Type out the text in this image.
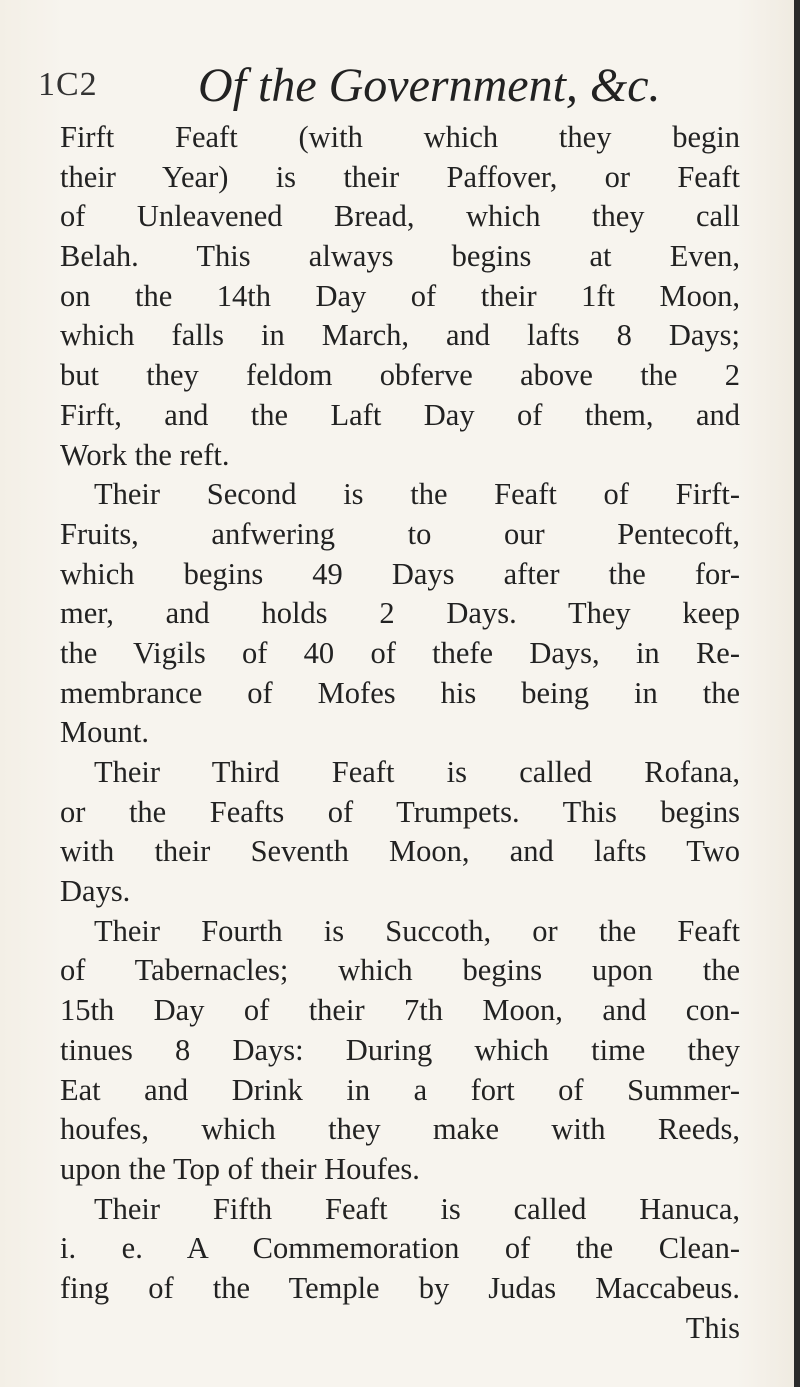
1C2 Of the Government, &c.
Firft Feaft (with which they begin
their Year) is their Paffover, or Feaft
of Unleavened Bread, which they call
Belah. This always begins at Even,
on the 14th Day of their 1ft Moon,
which falls in March, and lafts 8 Days;
but they feldom obferve above the 2
Firft, and the Laft Day of them, and
Work the reft.
Their Second is the Feaft of Firft-
Fruits, anfwering to our Pentecoft,
which begins 49 Days after the for-
mer, and holds 2 Days. They keep
the Vigils of 40 of thefe Days, in Re-
membrance of Mofes his being in the
Mount.
Their Third Feaft is called Rofana,
or the Feafts of Trumpets. This begins
with their Seventh Moon, and lafts Two
Days.
Their Fourth is Succoth, or the Feaft
of Tabernacles; which begins upon the
15th Day of their 7th Moon, and con-
tinues 8 Days: During which time they
Eat and Drink in a fort of Summer-
houfes, which they make with Reeds,
upon the Top of their Houfes.
Their Fifth Feaft is called Hanuca,
i. e. A Commemoration of the Clean-
fing of the Temple by Judas Maccabeus.
This
